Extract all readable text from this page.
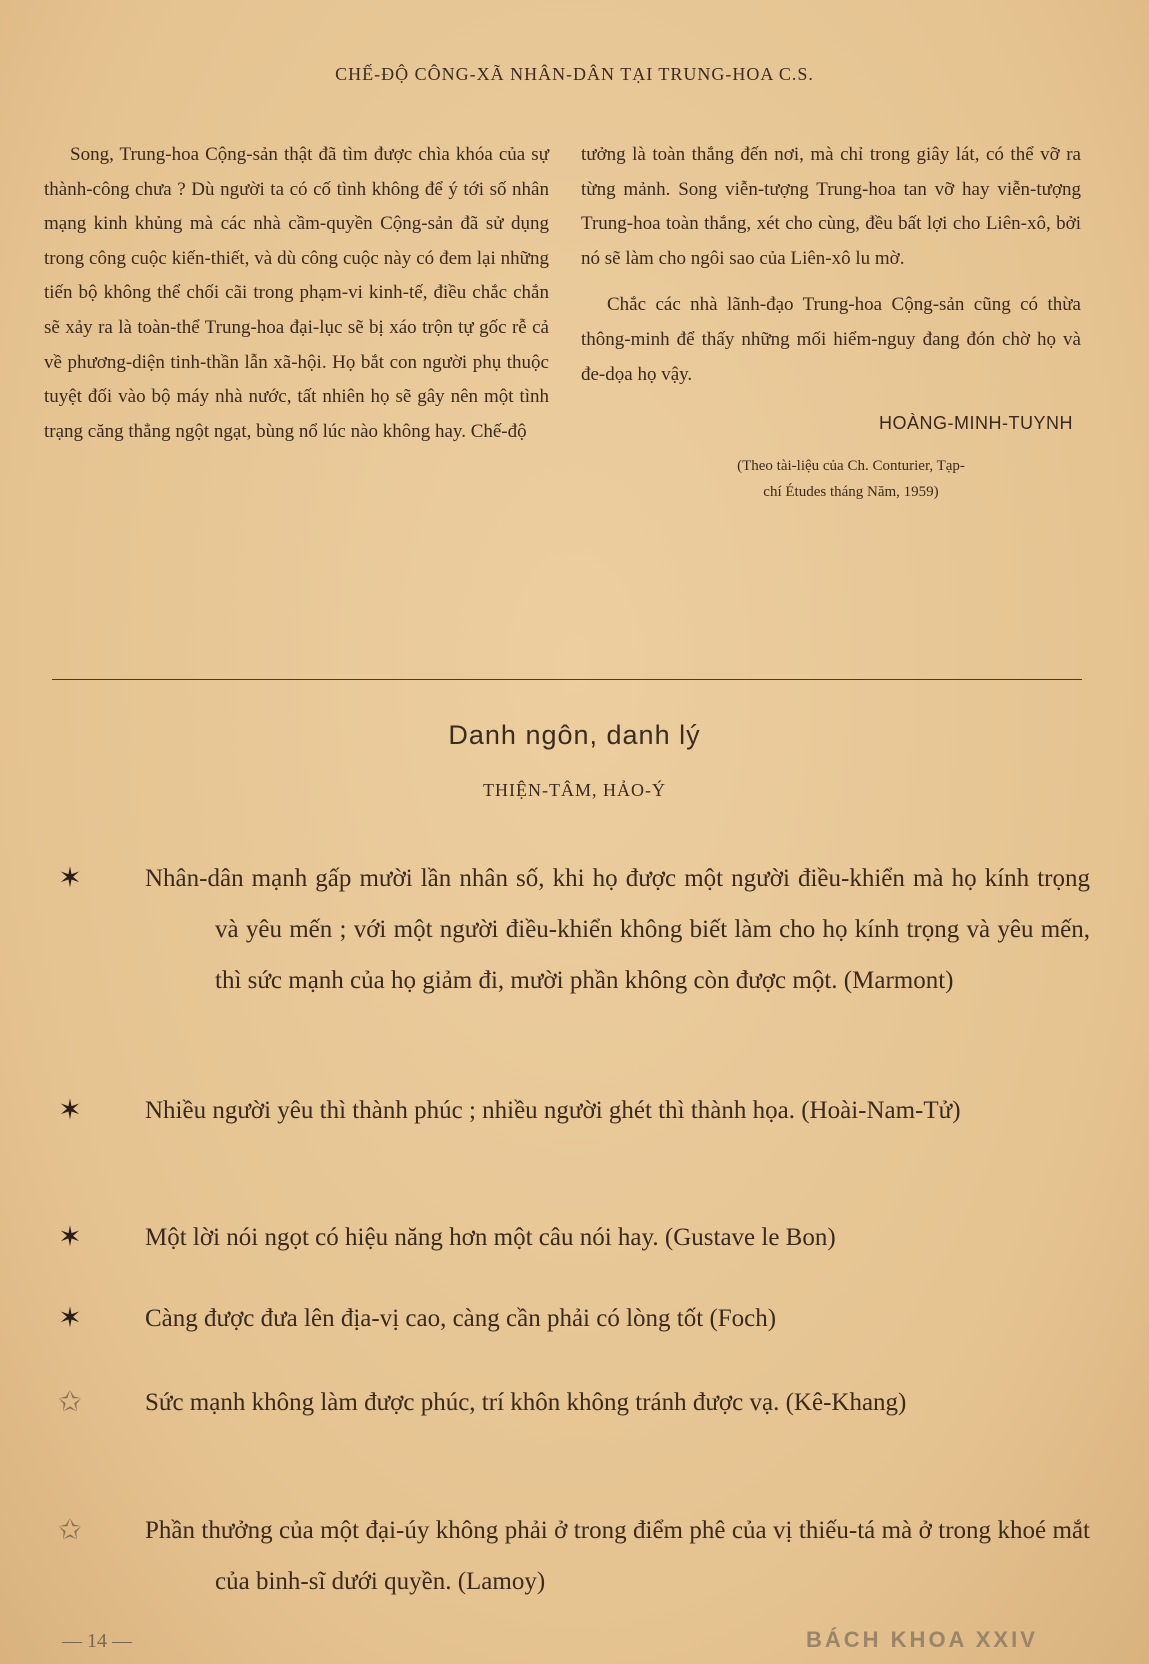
CHẾ-ĐỘ CÔNG-XÃ NHÂN-DÂN TẠI TRUNG-HOA C.S.

Song, Trung-hoa Cộng-sản thật đã tìm được chìa khóa của sự thành-công chưa ? Dù người ta có cố tình không để ý tới số nhân mạng kinh khủng mà các nhà cầm-quyền Cộng-sản đã sử dụng trong công cuộc kiến-thiết, và dù công cuộc này có đem lại những tiến bộ không thể chối cãi trong phạm-vi kinh-tế, điều chắc chắn sẽ xảy ra là toàn-thể Trung-hoa đại-lục sẽ bị xáo trộn tự gốc rễ cả về phương-diện tinh-thần lẫn xã-hội. Họ bắt con người phụ thuộc tuyệt đối vào bộ máy nhà nước, tất nhiên họ sẽ gây nên một tình trạng căng thẳng ngột ngạt, bùng nổ lúc nào không hay. Chế-độ

tưởng là toàn thắng đến nơi, mà chỉ trong giây lát, có thể vỡ ra từng mảnh. Song viễn-tượng Trung-hoa tan vỡ hay viễn-tượng Trung-hoa toàn thắng, xét cho cùng, đều bất lợi cho Liên-xô, bởi nó sẽ làm cho ngôi sao của Liên-xô lu mờ.

Chắc các nhà lãnh-đạo Trung-hoa Cộng-sản cũng có thừa thông-minh để thấy những mối hiểm-nguy đang đón chờ họ và đe-dọa họ vậy.

HOÀNG-MINH-TUYNH
(Theo tài-liệu của Ch. Conturier, Tạp-
chí Études tháng Năm, 1959)
Danh ngôn, danh lý
THIỆN-TÂM, HẢO-Ý
✶	Nhân-dân mạnh gấp mười lần nhân số, khi họ được một người điều-khiển mà họ kính trọng và yêu mến ; với một người điều-khiển không biết làm cho họ kính trọng và yêu mến, thì sức mạnh của họ giảm đi, mười phần không còn được một. (Marmont)
✶	Nhiều người yêu thì thành phúc ; nhiều người ghét thì thành họa. (Hoài-Nam-Tử)
✶	Một lời nói ngọt có hiệu năng hơn một câu nói hay. (Gustave le Bon)
✶	Càng được đưa lên địa-vị cao, càng cần phải có lòng tốt (Foch)
✩	Sức mạnh không làm được phúc, trí khôn không tránh được vạ. (Kê-Khang)
✩	Phần thưởng của một đại-úy không phải ở trong điểm phê của vị thiếu-tá mà ở trong khoé mắt của binh-sĩ dưới quyền. (Lamoy)
— 14 —	BÁCH KHOA XXIV
